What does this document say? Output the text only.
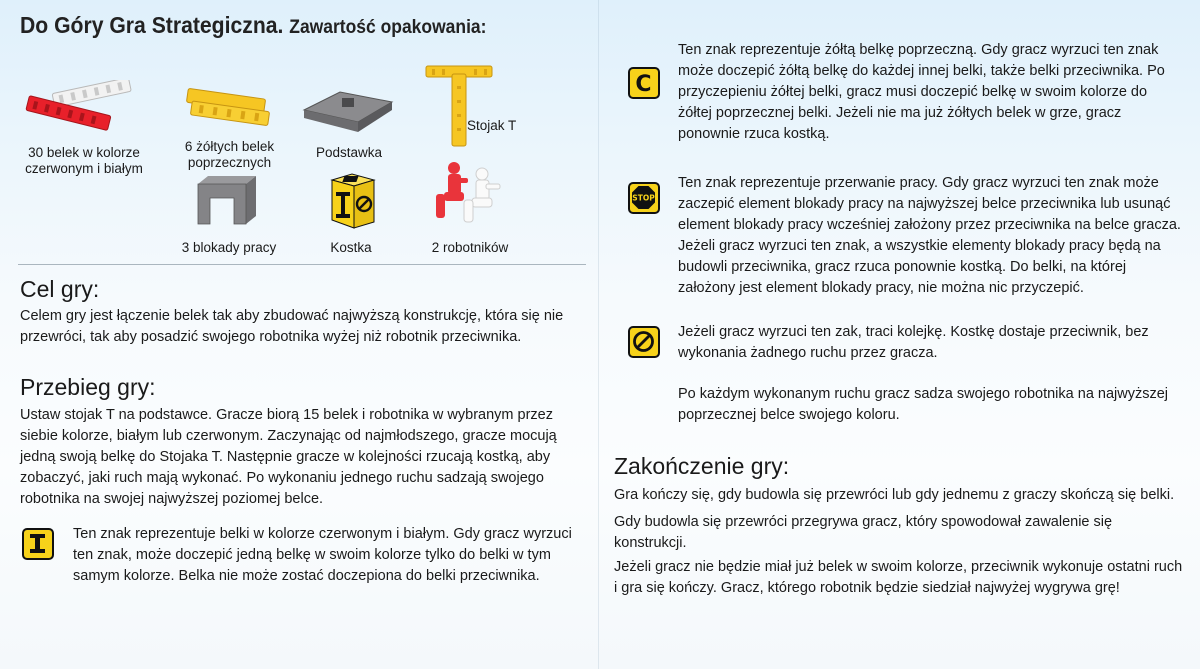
Do Góry Gra Strategiczna. Zawartość opakowania:
30 belek w kolorze czerwonym i białym
6 żółtych belek poprzecznych
Podstawka
Stojak T
3 blokady pracy	Kostka	2 robotników
Cel gry:

Celem gry jest łączenie belek tak aby zbudować najwyższą konstrukcję, która się nie przewróci, tak aby posadzić swojego robotnika wyżej niż robotnik przeciwnika.

Przebieg gry:

Ustaw stojak T na podstawce. Gracze biorą 15 belek i robotnika w wybranym przez siebie kolorze, białym lub czerwonym. Zaczynając od najmłodszego, gracze mocują jedną swoją belkę do Stojaka T. Następnie gracze w kolejności rzucają kostką, aby zobaczyć, jaki ruch mają wykonać. Po wykonaniu jednego ruchu sadzają swojego robotnika na swojej najwyższej poziomej belce.

Ten znak reprezentuje belki w kolorze czerwonym i białym. Gdy gracz wyrzuci ten znak, może doczepić jedną belkę w swoim kolorze tylko do belki w tym samym kolorze. Belka nie może zostać doczepiona do belki przeciwnika.

C

Ten znak reprezentuje żółtą belkę poprzeczną. Gdy gracz wyrzuci ten znak może doczepić żółtą belkę do każdej innej belki, także belki przeciwnika. Po przyczepieniu żółtej belki, gracz musi doczepić belkę w swoim kolorze do żółtej poprzecznej belki. Jeżeli nie ma już żółtych belek w grze, gracz ponownie rzuca kostką.

STOP

Ten znak reprezentuje przerwanie pracy. Gdy gracz wyrzuci ten znak może zaczepić element blokady pracy na najwyższej belce przeciwnika lub usunąć element blokady pracy wcześniej założony przez przeciwnika na belce gracza. Jeżeli gracz wyrzuci ten znak, a wszystkie elementy blokady pracy będą na budowli przeciwnika, gracz rzuca ponownie kostką. Do belki, na której założony jest element blokady pracy, nie można nic przyczepić.

Jeżeli gracz wyrzuci ten zak, traci kolejkę. Kostkę dostaje przeciwnik, bez wykonania żadnego ruchu przez gracza.

Po każdym wykonanym ruchu gracz sadza swojego robotnika na najwyższej poprzecznej belce swojego koloru.

Zakończenie gry:

Gra kończy się, gdy budowla się przewróci lub gdy jednemu z graczy skończą się belki.

Gdy budowla się przewróci przegrywa gracz, który spowodował zawalenie się konstrukcji.

Jeżeli gracz nie będzie miał już belek w swoim kolorze, przeciwnik wykonuje ostatni ruch i gra się kończy. Gracz, którego robotnik będzie siedział najwyżej wygrywa grę!
